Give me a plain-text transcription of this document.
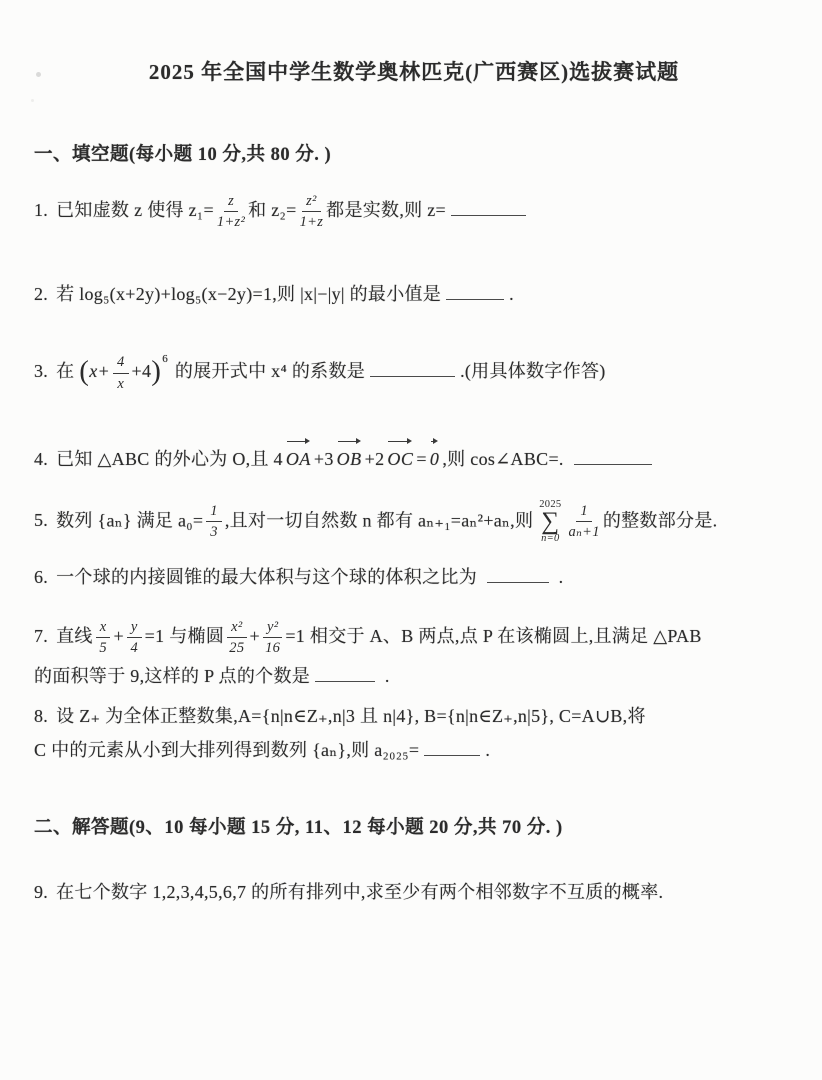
2025 年全国中学生数学奥林匹克(广西赛区)选拔赛试题
一、填空题(每小题 10 分,共 80 分. )
1. 已知虚数 z 使得 $z_1= \frac{z}{\text{1+z²}}$ 和 $z_2= \frac{\text{z²}}{1+z}$ 都是实数,则 z=
2. 若 log₅(x+2y)+log₅(x−2y)=1,则 |x|−|y| 的最小值是	.
3. 在 $(x+ \frac{4}{x} +4)^6$ 的展开式中 x⁴ 的系数是	.(用具体数字作答)
4. 已知 △ABC 的外心为 O,且 4 OA +3 OB +2 OC = 0 ,则 cos∠ABC=.
5. 数列 {aₙ} 满足 $a_0= \frac{1}{3}$ ,且对一切自然数 n 都有 aₙ₊₁=aₙ²+aₙ,则
2025
∑
$n=0 \frac{1}{\text{aₙ+1}}$ 的整数部分是.
6. 一个球的内接圆锥的最大体积与这个球的体积之比为	.
7. 直线 $\frac{x}{5} + \frac{y}{4} =1$ 与椭圆 $\frac{\text{x²}}{25} + \frac{\text{y²}}{16} =1$ 相交于 A、B 两点,点 P 在该椭圆上,且满足 △PAB
的面积等于 9,这样的 P 点的个数是	.
8. 设 Z₊ 为全体正整数集,A={n|n∈Z₊,n|3 且 n|4}, B={n|n∈Z₊,n|5}, C=A∪B,将
C 中的元素从小到大排列得到数列 {aₙ},则 a₂₀₂₅=	.
二、解答题(9、10 每小题 15 分, 11、12 每小题 20 分,共 70 分. )
9. 在七个数字 1,2,3,4,5,6,7 的所有排列中,求至少有两个相邻数字不互质的概率.
